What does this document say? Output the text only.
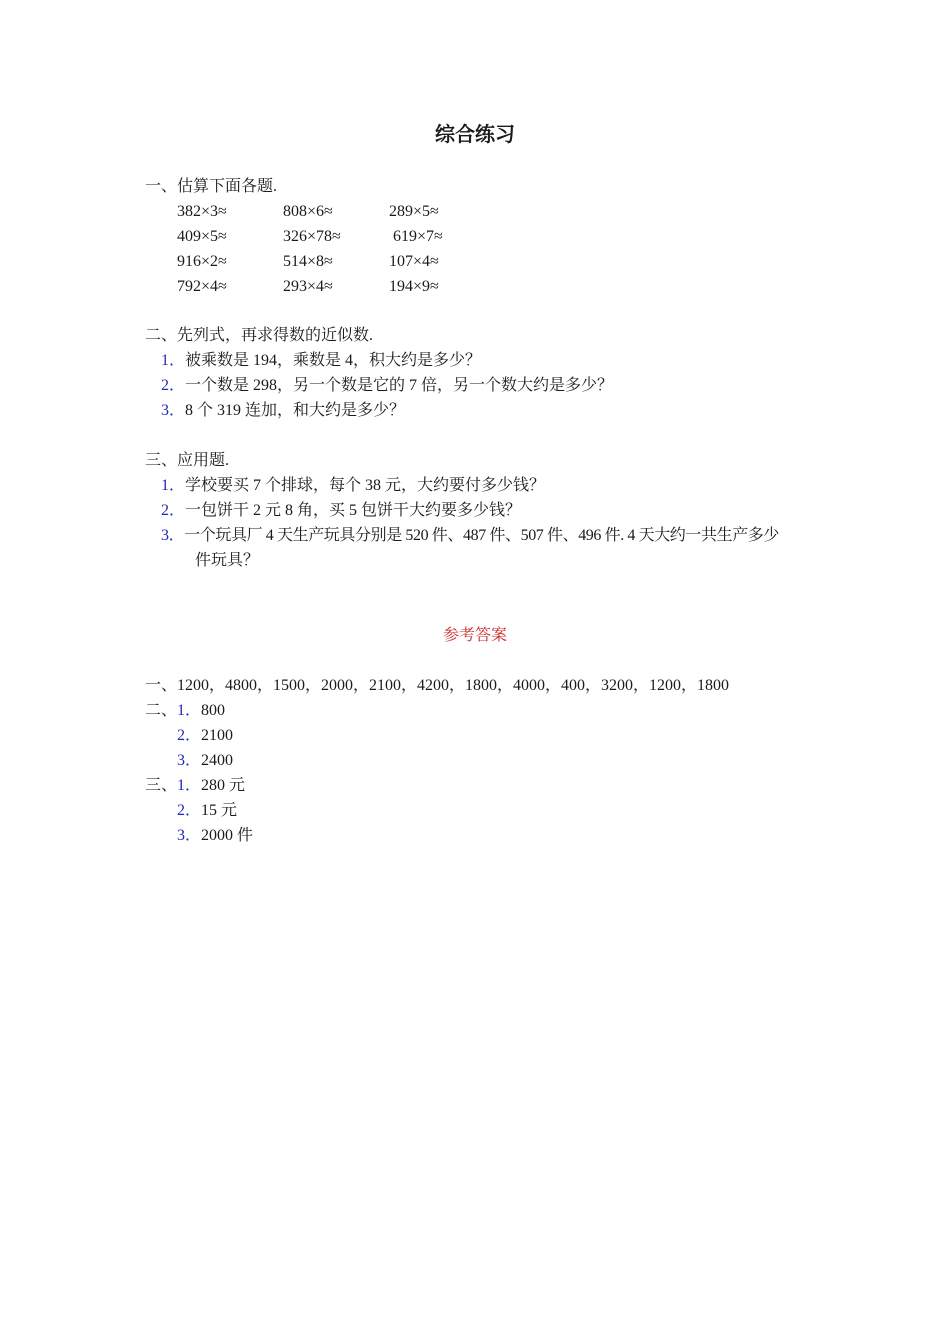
综合练习
一、估算下面各题.
382×3≈	808×6≈	289×5≈
409×5≈	326×78≈	619×7≈
916×2≈	514×8≈	107×4≈
792×4≈	293×4≈	194×9≈
二、先列式，再求得数的近似数.
1．被乘数是 194，乘数是 4，积大约是多少？
2．一个数是 298，另一个数是它的 7 倍，另一个数大约是多少？
3．8 个 319 连加，和大约是多少？
三、应用题.
1．学校要买 7 个排球，每个 38 元，大约要付多少钱？
2．一包饼干 2 元 8 角，买 5 包饼干大约要多少钱？
3．一个玩具厂 4 天生产玩具分别是 520 件、487 件、507 件、496 件. 4 天大约一共生产多少
件玩具？
参考答案
一、1200，4800，1500，2000，2100，4200，1800，4000，400，3200，1200，1800
二、1．800
2．2100
3．2400
三、1．280 元
2．15 元
3．2000 件
